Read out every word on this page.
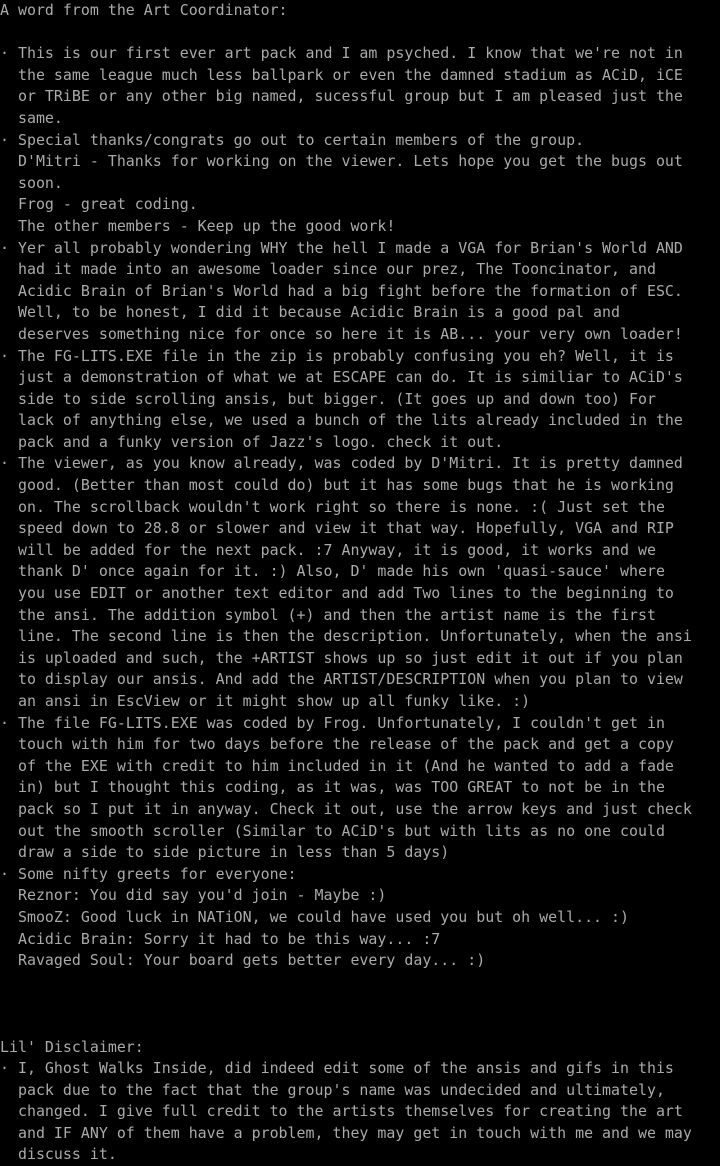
A word from the Art Coordinator:
· This is our first ever art pack and I am psyched. I know that we're not in
the same league much less ballpark or even the damned stadium as ACiD, iCE
or TRiBE or any other big named, sucessful group but I am pleased just the
same.
· Special thanks/congrats go out to certain members of the group.
D'Mitri - Thanks for working on the viewer. Lets hope you get the bugs out
soon.
Frog - great coding.
The other members - Keep up the good work!
· Yer all probably wondering WHY the hell I made a VGA for Brian's World AND
had it made into an awesome loader since our prez, The Tooncinator, and
Acidic Brain of Brian's World had a big fight before the formation of ESC.
Well, to be honest, I did it because Acidic Brain is a good pal and
deserves something nice for once so here it is AB... your very own loader!
· The FG-LITS.EXE file in the zip is probably confusing you eh? Well, it is
just a demonstration of what we at ESCAPE can do. It is similiar to ACiD's
side to side scrolling ansis, but bigger. (It goes up and down too) For
lack of anything else, we used a bunch of the lits already included in the
pack and a funky version of Jazz's logo. check it out.
· The viewer, as you know already, was coded by D'Mitri. It is pretty damned
good. (Better than most could do) but it has some bugs that he is working
on. The scrollback wouldn't work right so there is none. :( Just set the
speed down to 28.8 or slower and view it that way. Hopefully, VGA and RIP
will be added for the next pack. :7 Anyway, it is good, it works and we
thank D' once again for it. :) Also, D' made his own 'quasi-sauce' where
you use EDIT or another text editor and add Two lines to the beginning to
the ansi. The addition symbol (+) and then the artist name is the first
line. The second line is then the description. Unfortunately, when the ansi
is uploaded and such, the +ARTIST shows up so just edit it out if you plan
to display our ansis. And add the ARTIST/DESCRIPTION when you plan to view
an ansi in EscView or it might show up all funky like. :)
· The file FG-LITS.EXE was coded by Frog. Unfortunately, I couldn't get in
touch with him for two days before the release of the pack and get a copy
of the EXE with credit to him included in it (And he wanted to add a fade
in) but I thought this coding, as it was, was TOO GREAT to not be in the
pack so I put it in anyway. Check it out, use the arrow keys and just check
out the smooth scroller (Similar to ACiD's but with lits as no one could
draw a side to side picture in less than 5 days)
· Some nifty greets for everyone:
Reznor: You did say you'd join - Maybe :)
SmooZ: Good luck in NATiON, we could have used you but oh well... :)
Acidic Brain: Sorry it had to be this way... :7
Ravaged Soul: Your board gets better every day... :)
Lil' Disclaimer:
· I, Ghost Walks Inside, did indeed edit some of the ansis and gifs in this
pack due to the fact that the group's name was undecided and ultimately,
changed. I give full credit to the artists themselves for creating the art
and IF ANY of them have a problem, they may get in touch with me and we may
discuss it.
